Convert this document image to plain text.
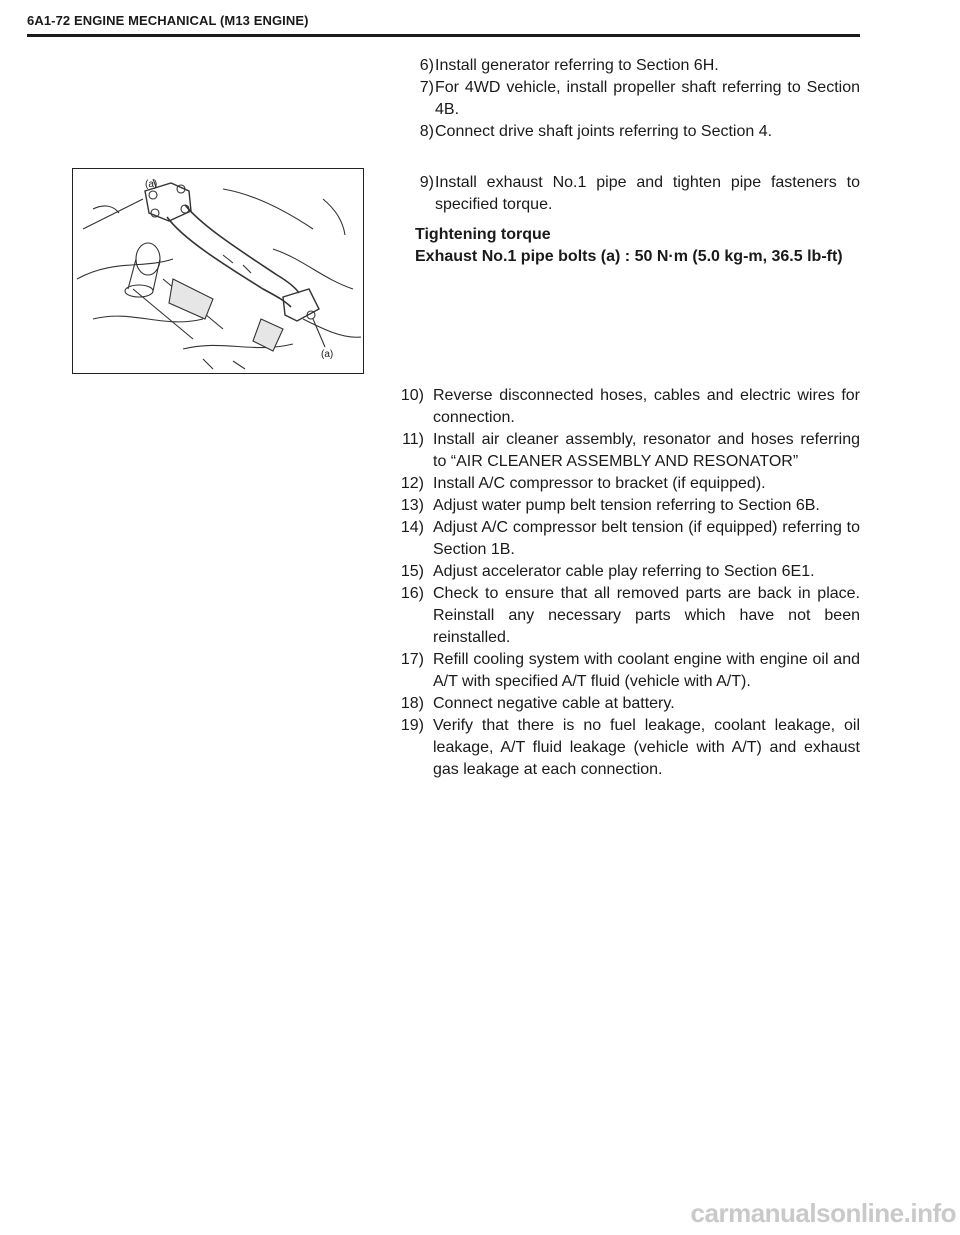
6A1-72 ENGINE MECHANICAL (M13 ENGINE)
(a)
(a)
6) Install generator referring to Section 6H.
7) For 4WD vehicle, install propeller shaft referring to Section 4B.
8) Connect drive shaft joints referring to Section 4.
9) Install exhaust No.1 pipe and tighten pipe fasteners to specified torque.
Tightening torque
Exhaust No.1 pipe bolts (a) : 50 N·m (5.0 kg-m, 36.5 lb-ft)
10) Reverse disconnected hoses, cables and electric wires for connection.
11) Install air cleaner assembly, resonator and hoses referring to “AIR CLEANER ASSEMBLY AND RESONATOR”
12) Install A/C compressor to bracket (if equipped).
13) Adjust water pump belt tension referring to Section 6B.
14) Adjust A/C compressor belt tension (if equipped) referring to Section 1B.
15) Adjust accelerator cable play referring to Section 6E1.
16) Check to ensure that all removed parts are back in place. Reinstall any necessary parts which have not been reinstalled.
17) Refill cooling system with coolant engine with engine oil and A/T with specified A/T fluid (vehicle with A/T).
18) Connect negative cable at battery.
19) Verify that there is no fuel leakage, coolant leakage, oil leakage, A/T fluid leakage (vehicle with A/T) and exhaust gas leakage at each connection.
carmanualsonline.info
